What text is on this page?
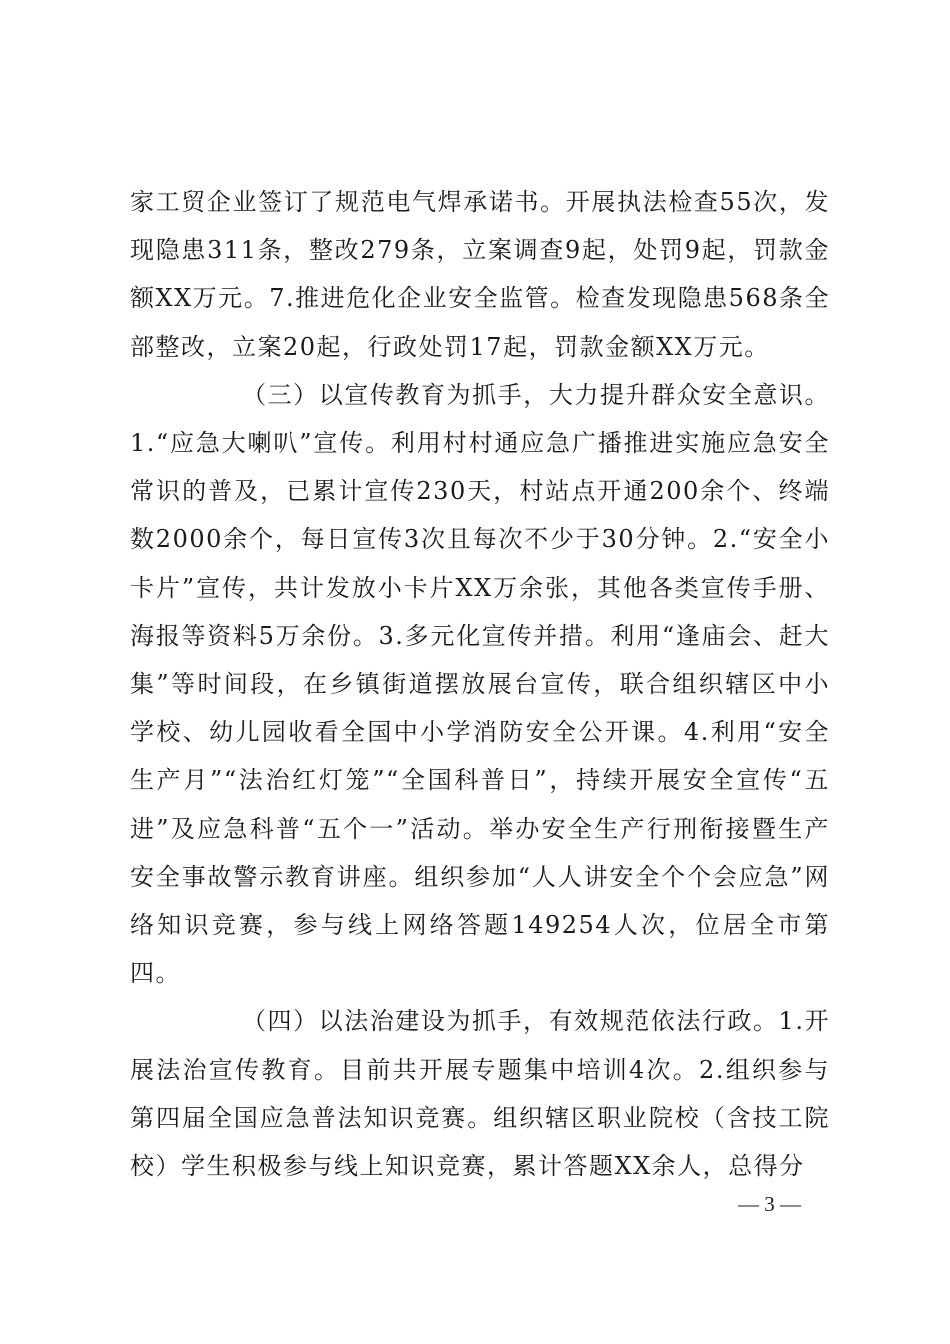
家工贸企业签订了规范电气焊承诺书。开展执法检查55次，发现隐患311条，整改279条，立案调查9起，处罚9起，罚款金额XX万元。7.推进危化企业安全监管。检查发现隐患568条全部整改，立案20起，行政处罚17起，罚款金额XX万元。

（三）以宣传教育为抓手，大力提升群众安全意识。1.“应急大喇叭”宣传。利用村村通应急广播推进实施应急安全常识的普及，已累计宣传230天，村站点开通200余个、终端数2000余个，每日宣传3次且每次不少于30分钟。2.“安全小卡片”宣传，共计发放小卡片XX万余张，其他各类宣传手册、海报等资料5万余份。3.多元化宣传并措。利用“逢庙会、赶大集”等时间段，在乡镇街道摆放展台宣传，联合组织辖区中小学校、幼儿园收看全国中小学消防安全公开课。4.利用“安全生产月”“法治红灯笼”“全国科普日”，持续开展安全宣传“五进”及应急科普“五个一”活动。举办安全生产行刑衔接暨生产安全事故警示教育讲座。组织参加“人人讲安全个个会应急”网络知识竞赛，参与线上网络答题149254人次，位居全市第四。

（四）以法治建设为抓手，有效规范依法行政。1.开展法治宣传教育。目前共开展专题集中培训4次。2.组织参与第四届全国应急普法知识竞赛。组织辖区职业院校（含技工院校）学生积极参与线上知识竞赛，累计答题XX余人，总得分

— 3 —
